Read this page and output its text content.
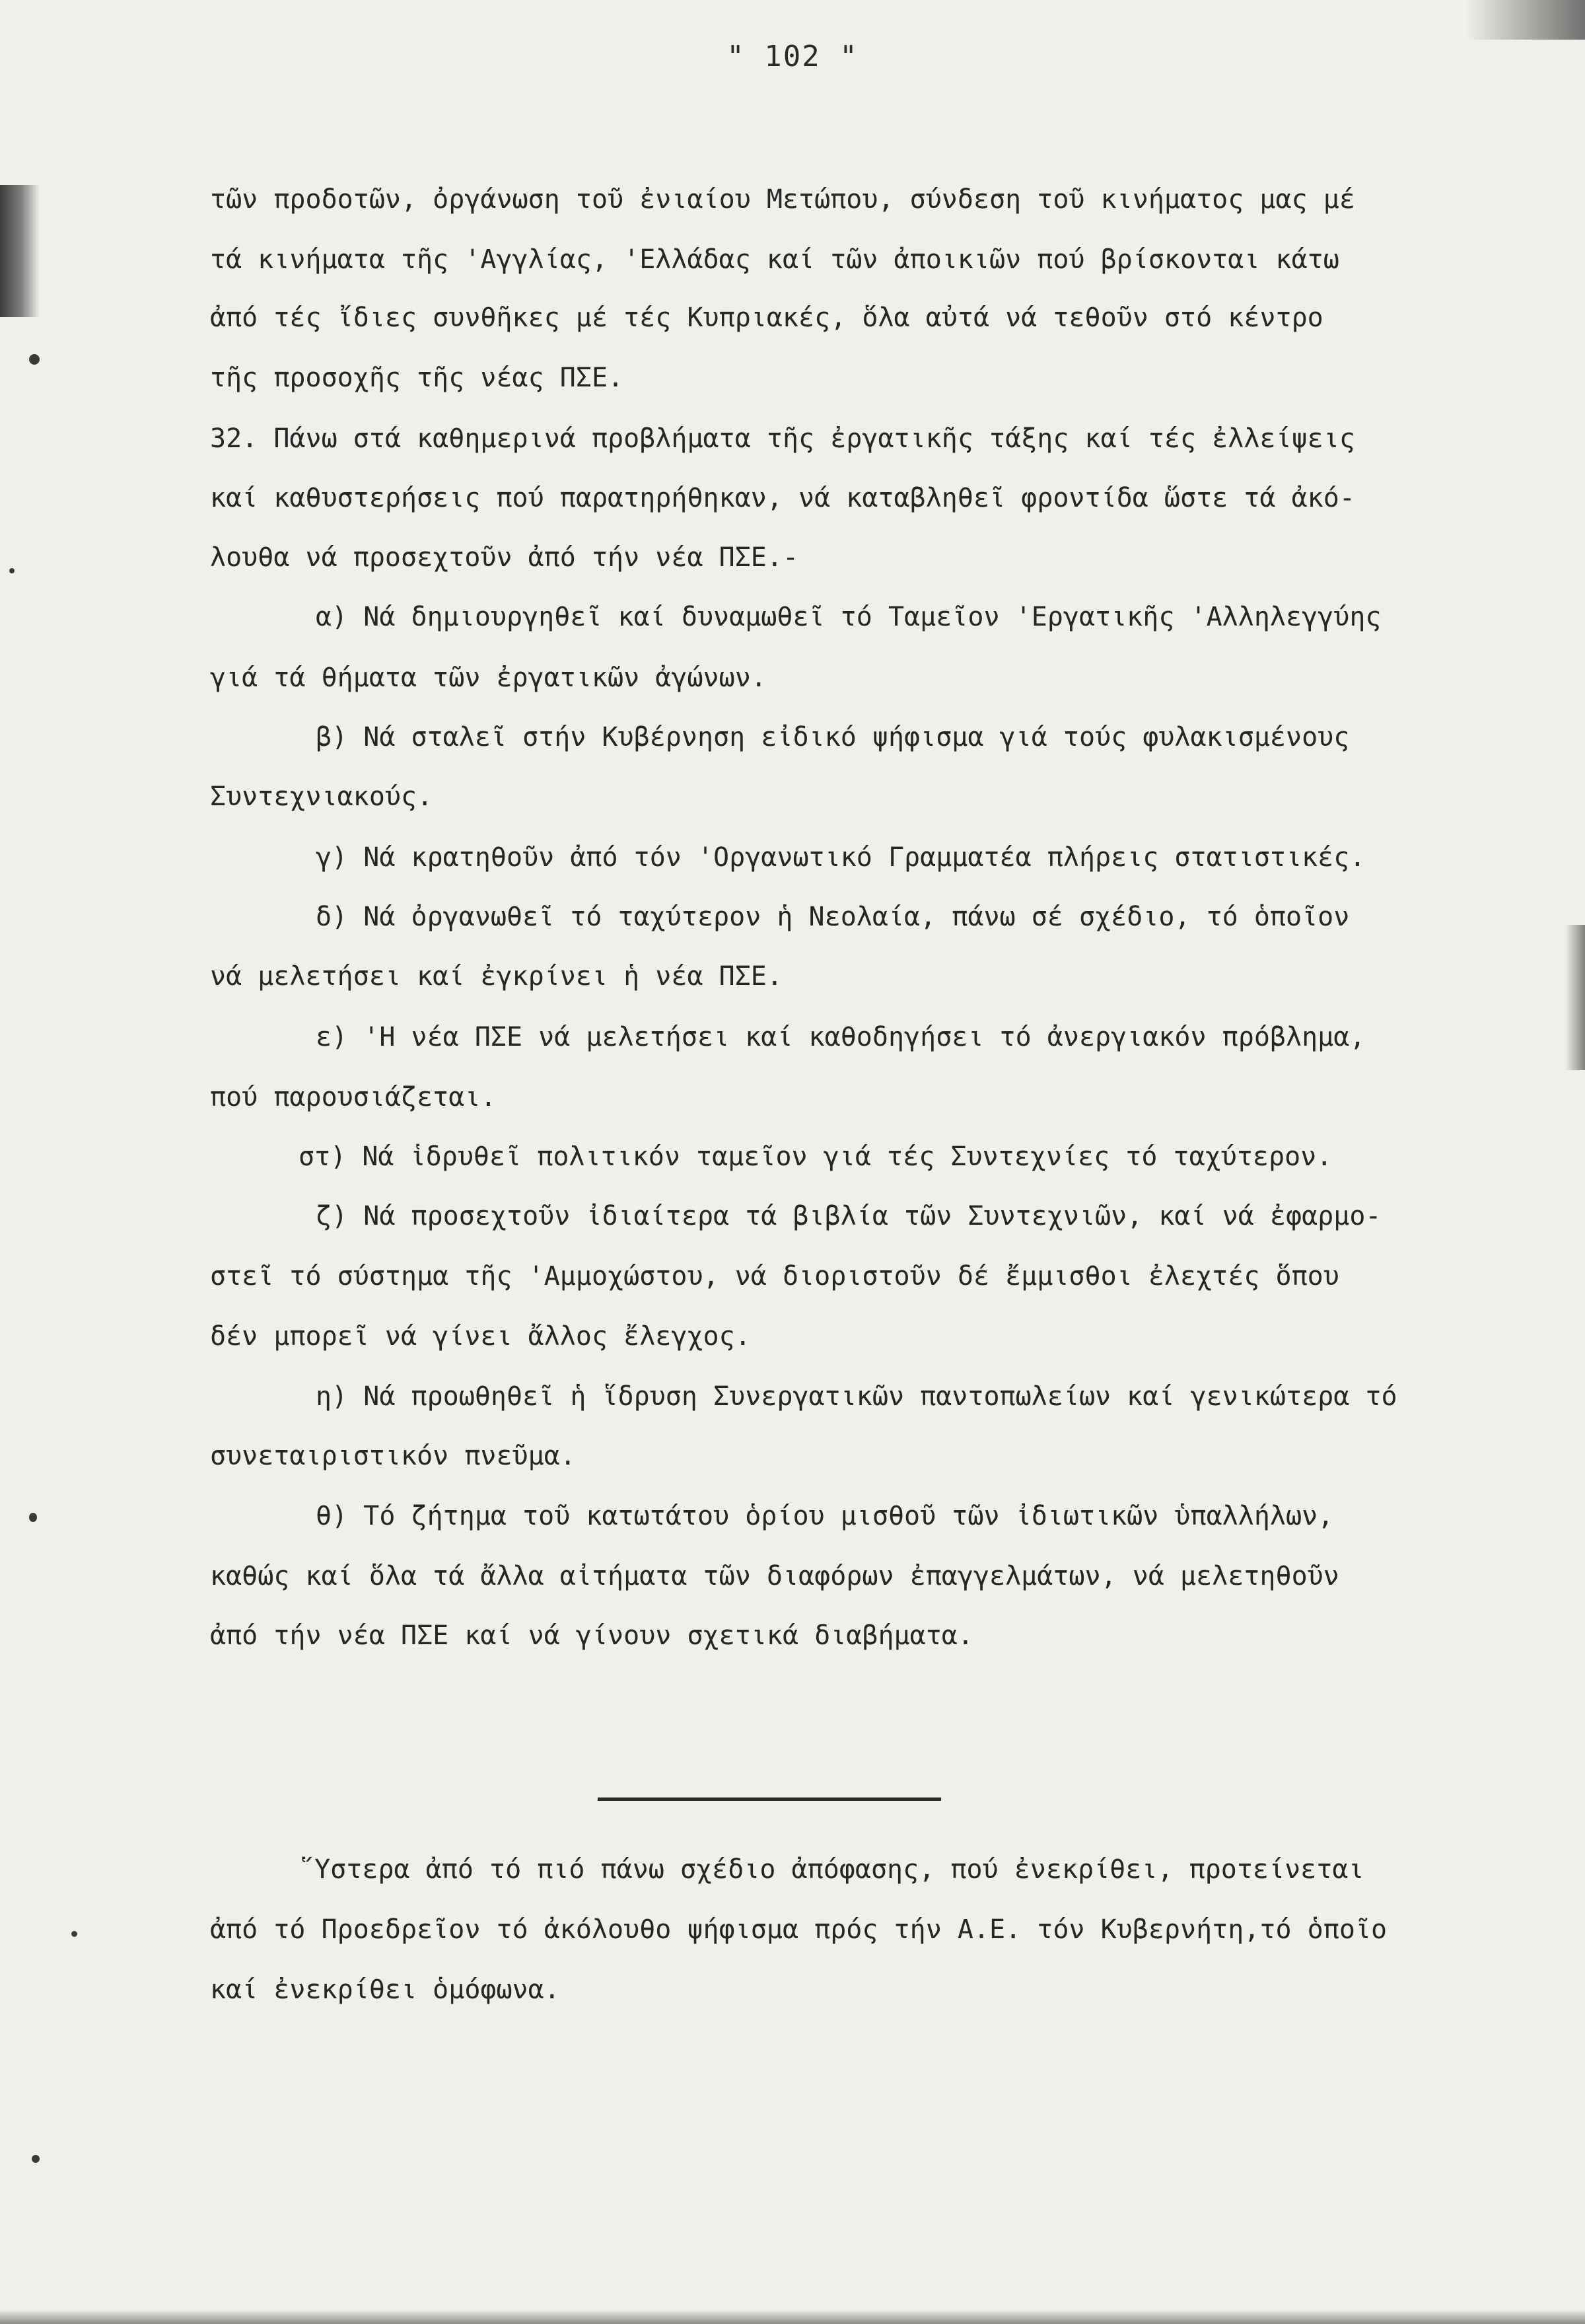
" 102 "
τῶν προδοτῶν, ὀργάνωση τοῦ ἐνιαίου Μετώπου, σύνδεση τοῦ κινήματος μας μέ
τά κινήματα τῆς 'Αγγλίας, 'Ελλάδας καί τῶν ἀποικιῶν πού βρίσκονται κάτω
ἀπό τές ἴδιες συνθῆκες μέ τές Κυπριακές, ὅλα αὐτά νά τεθοῦν στό κέντρο
τῆς προσοχῆς τῆς νέας ΠΣΕ.
32. Πάνω στά καθημερινά προβλήματα τῆς ἐργατικῆς τάξης καί τές ἐλλείψεις
καί καθυστερήσεις πού παρατηρήθηκαν, νά καταβληθεῖ φροντίδα ὥστε τά ἀκό-
λουθα νά προσεχτοῦν ἀπό τήν νέα ΠΣΕ.-
α) Νά δημιουργηθεῖ καί δυναμωθεῖ τό Ταμεῖον 'Εργατικῆς 'Αλληλεγγύης
γιά τά θήματα τῶν ἐργατικῶν ἀγώνων.
β) Νά σταλεῖ στήν Κυβέρνηση εἰδικό ψήφισμα γιά τούς φυλακισμένους
Συντεχνιακούς.
γ) Νά κρατηθοῦν ἀπό τόν 'Οργανωτικό Γραμματέα πλήρεις στατιστικές.
δ) Νά ὀργανωθεῖ τό ταχύτερον ἡ Νεολαία, πάνω σέ σχέδιο, τό ὁποῖον
νά μελετήσει καί ἐγκρίνει ἡ νέα ΠΣΕ.
ε) 'Η νέα ΠΣΕ νά μελετήσει καί καθοδηγήσει τό ἀνεργιακόν πρόβλημα,
πού παρουσιάζεται.
στ) Νά ἱδρυθεῖ πολιτικόν ταμεῖον γιά τές Συντεχνίες τό ταχύτερον.
ζ) Νά προσεχτοῦν ἰδιαίτερα τά βιβλία τῶν Συντεχνιῶν, καί νά ἐφαρμο-
στεῖ τό σύστημα τῆς 'Αμμοχώστου, νά διοριστοῦν δέ ἔμμισθοι ἐλεχτές ὅπου
δέν μπορεῖ νά γίνει ἄλλος ἔλεγχος.
η) Νά προωθηθεῖ ἡ ἵδρυση Συνεργατικῶν παντοπωλείων καί γενικώτερα τό
συνεταιριστικόν πνεῦμα.
θ) Τό ζήτημα τοῦ κατωτάτου ὁρίου μισθοῦ τῶν ἰδιωτικῶν ὑπαλλήλων,
καθώς καί ὅλα τά ἄλλα αἰτήματα τῶν διαφόρων ἐπαγγελμάτων, νά μελετηθοῦν
ἀπό τήν νέα ΠΣΕ καί νά γίνουν σχετικά διαβήματα.
῞Υστερα ἀπό τό πιό πάνω σχέδιο ἀπόφασης, πού ἐνεκρίθει, προτείνεται
ἀπό τό Προεδρεῖον τό ἀκόλουθο ψήφισμα πρός τήν Α.Ε. τόν Κυβερνήτη,τό ὁποῖο
καί ἐνεκρίθει ὁμόφωνα.
